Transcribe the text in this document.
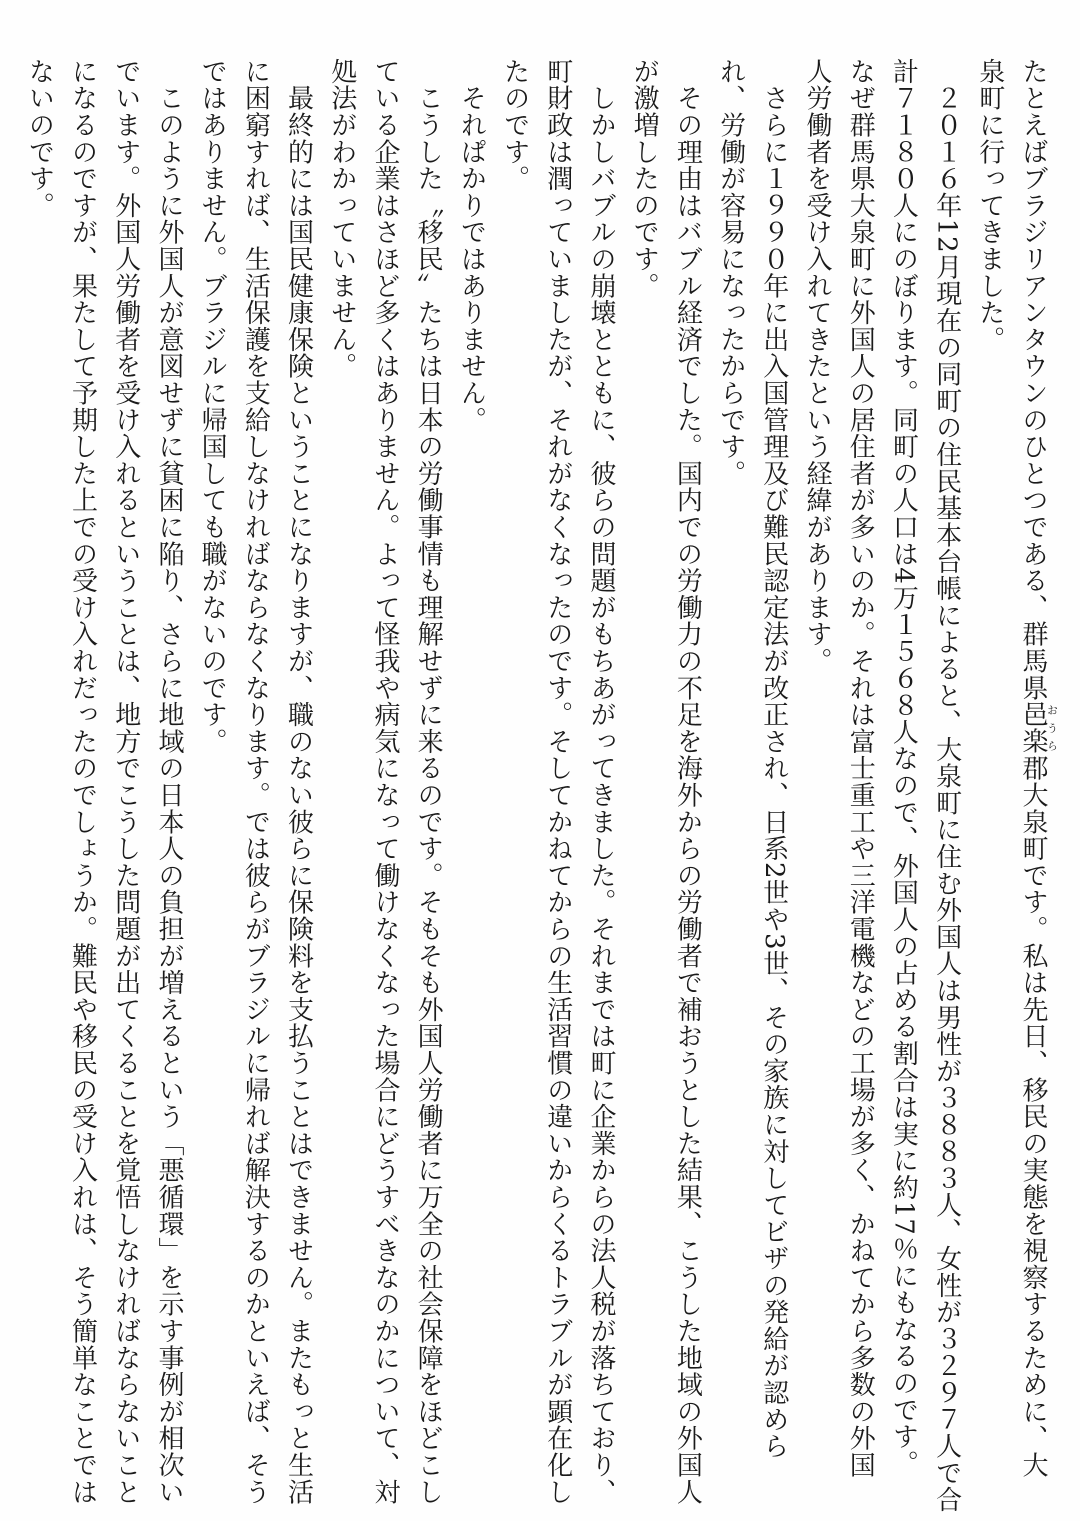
たとえばブラジリアンタウンのひとつである、群馬県邑楽おうら郡大泉町です。私は先日、移民の実態を視察するために、大
泉町に行ってきました。
　２０１６年12月現在の同町の住民基本台帳によると、大泉町に住む外国人は男性が３８８３人、女性が３２９７人で合
計７１８０人にのぼります。同町の人口は4万１５６８人なので、外国人の占める割合は実に約17％にもなるのです。
なぜ群馬県大泉町に外国人の居住者が多いのか。それは富士重工や三洋電機などの工場が多く、かねてから多数の外国
人労働者を受け入れてきたという経緯があります。
　さらに１９９０年に出入国管理及び難民認定法が改正され、日系2世や3世、その家族に対してビザの発給が認めら
れ、労働が容易になったからです。
　その理由はバブル経済でした。国内での労働力の不足を海外からの労働者で補おうとした結果、こうした地域の外国人
が激増したのです。
　しかしバブルの崩壊とともに、彼らの問題がもちあがってきました。それまでは町に企業からの法人税が落ちており、
町財政は潤っていましたが、それがなくなったのです。そしてかねてからの生活習慣の違いからくるトラブルが顕在化し
たのです。
　それぱかりではありません。
　こうした〝移民〟たちは日本の労働事情も理解せずに来るのです。そもそも外国人労働者に万全の社会保障をほどこし
ている企業はさほど多くはありません。よって怪我や病気になって働けなくなった場合にどうすべきなのかについて、対
処法がわかっていません。
　最終的には国民健康保険ということになりますが、職のない彼らに保険料を支払うことはできません。またもっと生活
に困窮すれば、生活保護を支給しなければならなくなります。では彼らがブラジルに帰れば解決するのかといえば、そう
ではありません。ブラジルに帰国しても職がないのです。
　このように外国人が意図せずに貧困に陥り、さらに地域の日本人の負担が増えるという「悪循環」を示す事例が相次い
でいます。外国人労働者を受け入れるということは、地方でこうした問題が出てくることを覚悟しなければならないこと
になるのですが、果たして予期した上での受け入れだったのでしょうか。難民や移民の受け入れは、そう簡単なことでは
ないのです。
